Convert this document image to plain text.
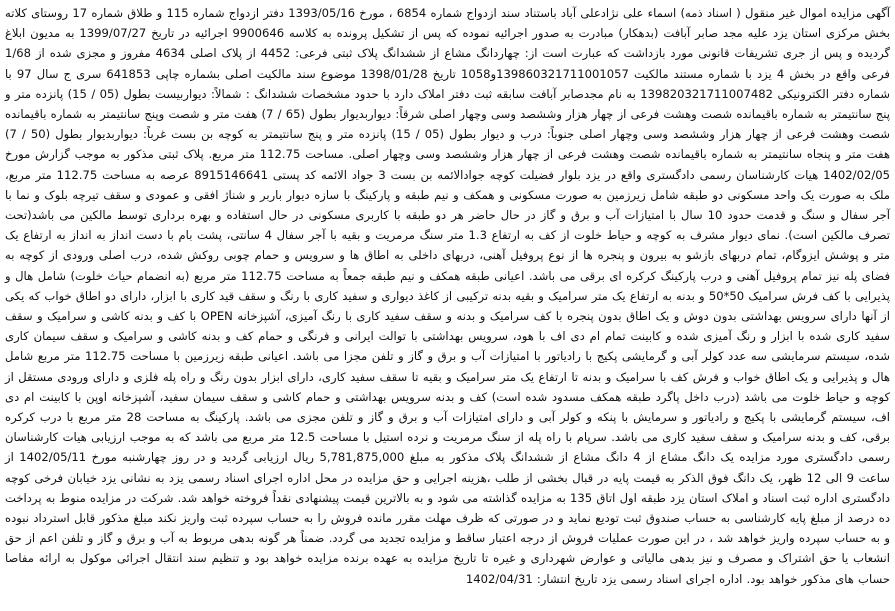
آگهی مزایده اموال غیر منقول ( اسناد ذمه) اسماء علی نژادعلی آباد باستناد سند ازدواج شماره 6854 ، مورخ 1393/05/16 دفتر ازدواج شماره 115 و طلاق شماره 17 روستای کلاته بخش مرکزی استان یزد علیه مجد صابر آبافت (بدهکار) مبادرت به صدور اجرائیه نموده که پس از تشکیل پرونده به کلاسه 9900646 اجرائیه در تاریخ 1399/07/27 به مدیون ابلاغ گردیده و پس از جری تشریفات قانونی مورد بازداشت که عبارت است از: چهاردانگ مشاع از ششدانگ پلاک ثبتی فرعی: 4452 از پلاک اصلی 4634 مفروز و مجزی شده از 1/68 فرعی واقع در بخش 4 یزد با شماره مستند مالکیت 139860321711001057و1058 تاریخ 1398/01/28 موضوع سند مالکیت اصلی بشماره چاپی 641853 سری ج سال 97 با شماره دفتر الکترونیکی 139820321711007482 به نام مجدصابر آبافت سابقه ثبت دفتر املاک دارد با حدود مشخصات ششدانگ : شمالاً: دیواربیست بطول (05 / 15) پانزده متر و پنج سانتیمتر به شماره باقیمانده شصت وهشت فرعی از چهار هزار وششصد وسی وچهار اصلی شرقاً: دیواربدیوار بطول (65 / 7) هفت متر و شصت وپنج سانتیمتر به شماره باقیمانده شصت وهشت فرعی از چهار هزار وششصد وسی وچهار اصلی جنوباً: درب و دیوار بطول (05 / 15) پانزده متر و پنج سانتیمتر به کوچه بن بست غرباً: دیواربدیوار بطول (50 / 7) هفت متر و پنجاه سانتیمتر به شماره باقیمانده شصت وهشت فرعی از چهار هزار وششصد وسی وچهار اصلی. مساحت 112.75 متر مربع. پلاک ثبتی مذکور به موجب گزارش مورخ 1402/02/05 هیات کارشناسان رسمی دادگستری واقع در یزد بلوار فضیلت کوچه جوادالائمه بن بست 3 جواد الائمه کد پستی 8915146641 عرصه به مساحت 112.75 متر مربع، ملک به صورت یک واحد مسکونی دو طبقه شامل زیرزمین به صورت مسکونی و همکف و نیم طبقه و پارکینگ با سازه دیوار باربر و شناژ افقی و عمودی و سقف تیرچه بلوک و نما با آجر سفال و سنگ و قدمت حدود 10 سال با امتیازات آب و برق و گاز در حال حاضر هر دو طبقه با کاربری مسکونی در حال استفاده و بهره برداری توسط مالکین می باشد(تحت تصرف مالکین است). نمای دیوار مشرف به کوچه و حیاط خلوت از کف به ارتفاع 1.3 متر سنگ مرمریت و بقیه با آجر سفال 4 سانتی، پشت بام با دست انداز به انداز به ارتفاع یک متر و پوشش ایزوگام، تمام دربهای بازشو به بیرون و پنجره ها از نوع پروفیل آهنی، دربهای داخلی به اطاق ها و سرویس و حمام چوبی روکش شده، درب اصلی ورودی از کوچه به فضای پله نیز تمام پروفیل آهنی و درب پارکینگ کرکره ای برقی می باشد. اعیانی طبقه همکف و نیم طبقه جمعاً به مساحت 112.75 متر مربع (به انضمام حیاث خلوت) شامل هال و پذیرایی با کف فرش سرامیک 50*50 و بدنه به ارتفاع یک متر سرامیک و بقیه بدنه ترکیبی از کاغذ دیواری و سفید کاری با رنگ و سقف قید کاری با ابزار، دارای دو اطاق خواب که یکی از آنها دارای سرویس بهداشتی بدون دوش و یک اطاق بدون پنجره با کف سرامیک و بدنه و سقف سفید کاری با رنگ آمیزی، آشپزخانه OPEN با کف و بدنه کاشی و سرامیک و سقف سفید کاری شده با ابزار و رنگ آمیزی شده و کابینت تمام ام دی اف با هود، سرویس بهداشتی با توالت ایرانی و فرنگی و حمام کف و بدنه کاشی و سرامیک و سقف سیمان کاری شده، سیستم سرمایشی سه عدد کولر آبی و گرمایشی پکیج با رادیاتور با امتیازات آب و برق و گاز و تلفن مجزا می باشد. اعیانی طبقه زیرزمین با مساحت 112.75 متر مربع شامل هال و پذیرایی و یک اطاق خواب و فرش کف با سرامیک و بدنه تا ارتفاع یک متر سرامیک و بقیه تا سقف سفید کاری، دارای ابزار بدون رنگ و راه پله فلزی و دارای ورودی مستقل از کوچه و حیاط خلوت می باشد (درب داخل پاگرد طبقه همکف مسدود شده است) کف و بدنه سرویس بهداشتی و حمام کاشی و سقف سیمان سفید، آشپزخانه اوپن با کابینت ام دی اف، سیستم گرمایشی با پکیج و رادیاتور و سرمایش با پنکه و کولر آبی و دارای امتیازات آب و برق و گاز و تلفن مجزی می باشد. پارکینگ به مساحت 28 متر مربع با درب کرکره برقی، کف و بدنه سرامیک و سقف سفید کاری می باشد. سرپام با راه پله از سنگ مرمریت و نرده استیل با مساحت 12.5 متر مربع می باشد که به موجب ارزیابی هیات کارشناسان رسمی دادگستری مورد مزایده یک دانگ مشاع از 4 دانگ مشاع از ششدانگ پلاک مذکور به مبلغ 5,781,875,000 ریال ارزیابی گردید و در روز چهارشنبه مورخ 1402/05/11 از ساعت 9 الی 12 ظهر، یک دانگ فوق الذکر به قیمت پایه در قبال بخشی از طلب ،هزینه اجرایی و حق مزایده در محل اداره اجرای اسناد رسمی یزد به نشانی یزد خیابان فرخی کوچه دادگستری اداره ثبت اسناد و املاک استان یزد طبقه اول اتاق 135 به مزایده گذاشته می شود و به بالاترین قیمت پیشنهادی نقداً فروخته خواهد شد. شرکت در مزایده منوط به پرداخت ده درصد از مبلغ پایه کارشناسی به حساب صندوق ثبت تودیع نماید و در صورتی که ظرف مهلت مقرر مانده فروش را به حساب سپرده ثبت واریز نکند مبلغ مذکور قابل استرداد نبوده و به حساب سپرده واریز خواهد شد ، در این صورت عملیات فروش از درجه اعتبار ساقط و مزایده تجدید می گردد. ضمناً هر گونه بدهی مربوط به آب و برق و گاز و تلفن اعم از حق انشعاب یا حق اشتراک و مصرف و نیز بدهی مالیاتی و عوارض شهرداری و غیره تا تاریخ مزایده به عهده برنده مزایده خواهد بود و تنظیم سند انتقال اجرائی موکول به ارائه مفاصا حساب های مذکور خواهد بود. اداره اجرای اسناد رسمی یزد تاریخ انتشار: 1402/04/31
